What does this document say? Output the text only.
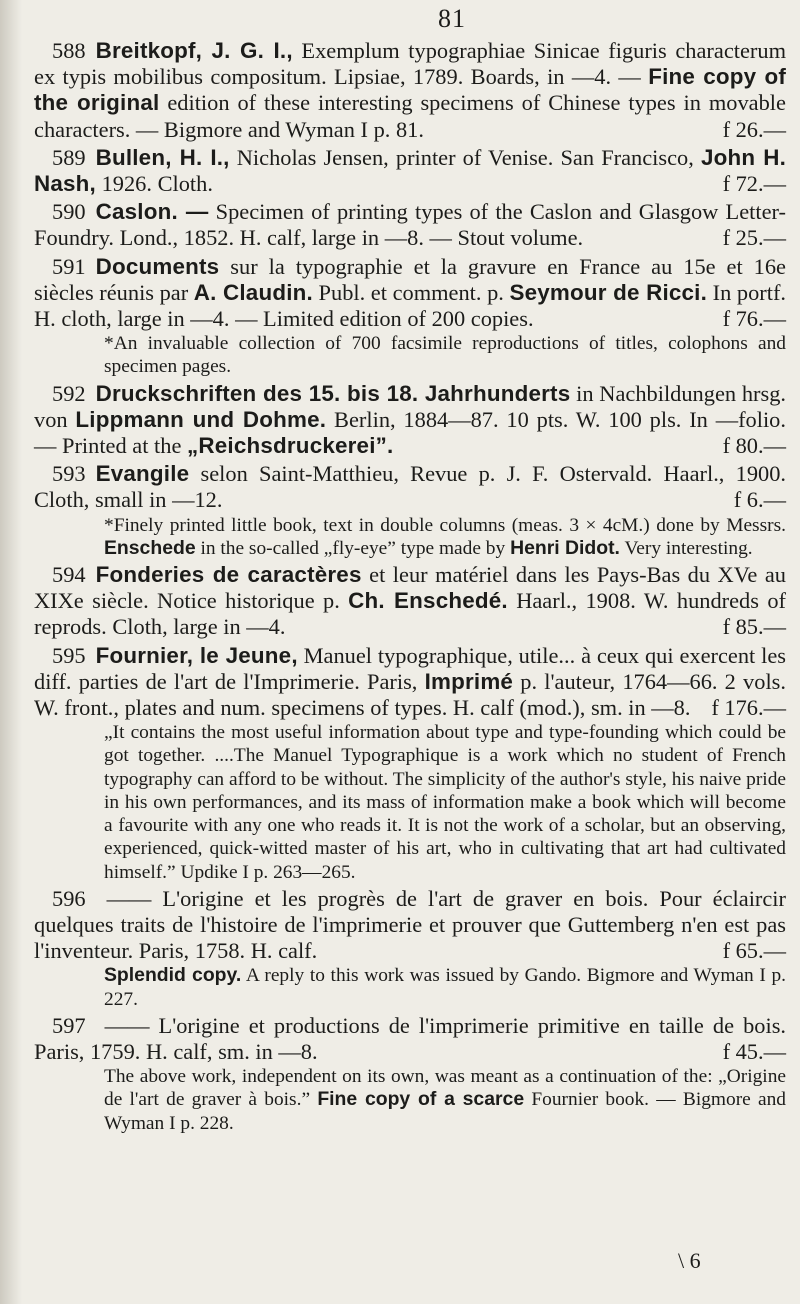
81

588 Breitkopf, J. G. I., Exemplum typographiae Sinicae figuris characterum ex typis mobilibus compositum. Lipsiae, 1789. Boards, in —4. — Fine copy of the original edition of these interesting specimens of Chinese types in movable characters. — Bigmore and Wyman I p. 81.	f 26.—

589 Bullen, H. I., Nicholas Jensen, printer of Venise. San Francisco, John H. Nash, 1926. Cloth.	f 72.—

590 Caslon. — Specimen of printing types of the Caslon and Glasgow Letter-Foundry. Lond., 1852. H. calf, large in —8. — Stout volume.	f 25.—

591 Documents sur la typographie et la gravure en France au 15e et 16e siècles réunis par A. Claudin. Publ. et comment. p. Seymour de Ricci. In portf. H. cloth, large in —4. — Limited edition of 200 copies.	f 76.—

*An invaluable collection of 700 facsimile reproductions of titles, colophons and specimen pages.

592 Druckschriften des 15. bis 18. Jahrhunderts in Nachbildungen hrsg. von Lippmann und Dohme. Berlin, 1884—87. 10 pts. W. 100 pls. In —folio. — Printed at the „Reichsdruckerei”.	f 80.—

593 Evangile selon Saint-Matthieu, Revue p. J. F. Ostervald. Haarl., 1900. Cloth, small in —12.	f 6.—

*Finely printed little book, text in double columns (meas. 3 × 4cM.) done by Messrs. Enschede in the so-called „fly-eye” type made by Henri Didot. Very interesting.

594 Fonderies de caractères et leur matériel dans les Pays-Bas du XVe au XIXe siècle. Notice historique p. Ch. Enschedé. Haarl., 1908. W. hundreds of reprods. Cloth, large in —4.	f 85.—

595 Fournier, le Jeune, Manuel typographique, utile... à ceux qui exercent les diff. parties de l'art de l'Imprimerie. Paris, Imprimé p. l'auteur, 1764—66. 2 vols. W. front., plates and num. specimens of types. H. calf (mod.), sm. in —8. f 176.—

„It contains the most useful information about type and type-founding which could be got together. ....The Manuel Typographique is a work which no student of French typography can afford to be without. The simplicity of the author's style, his naive pride in his own performances, and its mass of information make a book which will become a favourite with any one who reads it. It is not the work of a scholar, but an observing, experienced, quick-witted master of his art, who in cultivating that art had cultivated himself.” Updike I p. 263—265.

596 —— L'origine et les progrès de l'art de graver en bois. Pour éclaircir quelques traits de l'histoire de l'imprimerie et prouver que Guttemberg n'en est pas l'inventeur. Paris, 1758. H. calf.	f 65.—

Splendid copy. A reply to this work was issued by Gando. Bigmore and Wyman I p. 227.

597 —— L'origine et productions de l'imprimerie primitive en taille de bois. Paris, 1759. H. calf, sm. in —8.	f 45.—

The above work, independent on its own, was meant as a continuation of the: „Origine de l'art de graver à bois.” Fine copy of a scarce Fournier book. — Bigmore and Wyman I p. 228.

\ 6
